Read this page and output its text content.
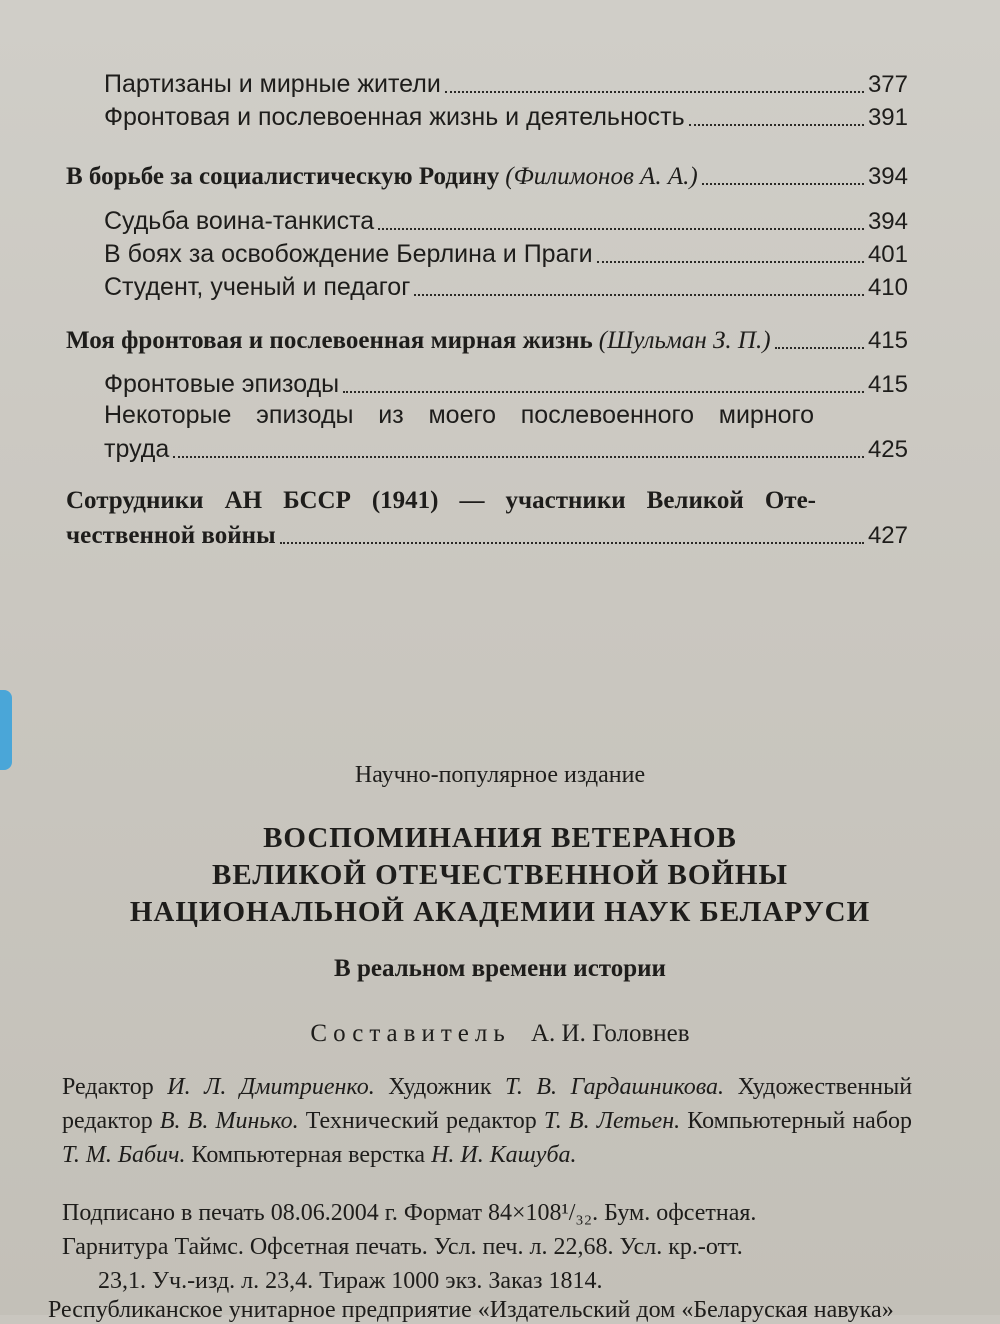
Партизаны и мирные жители	377
Фронтовая и послевоенная жизнь и деятельность	391
В борьбе за социалистическую Родину (Филимонов А. А.)	394
Судьба воина-танкиста	394
В боях за освобождение Берлина и Праги	401
Студент, ученый и педагог	410
Моя фронтовая и послевоенная мирная жизнь (Шульман З. П.)	415
Фронтовые эпизоды	415
Некоторые эпизоды из моего послевоенного мирного
труда	425
Сотрудники АН БССР (1941) — участники Великой Оте-
чественной войны	427
Научно-популярное издание
ВОСПОМИНАНИЯ ВЕТЕРАНОВ
ВЕЛИКОЙ ОТЕЧЕСТВЕННОЙ ВОЙНЫ
НАЦИОНАЛЬНОЙ АКАДЕМИИ НАУК БЕЛАРУСИ
В реальном времени истории
Составитель А. И. Головнев
Редактор И. Л. Дмитриенко. Художник Т. В. Гардашникова. Художественный редактор В. В. Минько. Технический редактор Т. В. Летьен. Компьютерный набор Т. М. Бабич. Компьютерная верстка Н. И. Кашуба.
Подписано в печать 08.06.2004 г. Формат 84×108¹/₃₂. Бум. офсетная.
Гарнитура Таймс. Офсетная печать. Усл. печ. л. 22,68. Усл. кр.-отт.
23,1. Уч.-изд. л. 23,4. Тираж 1000 экз. Заказ 1814.
Республиканское унитарное предприятие «Издательский дом «Беларуская навука»
